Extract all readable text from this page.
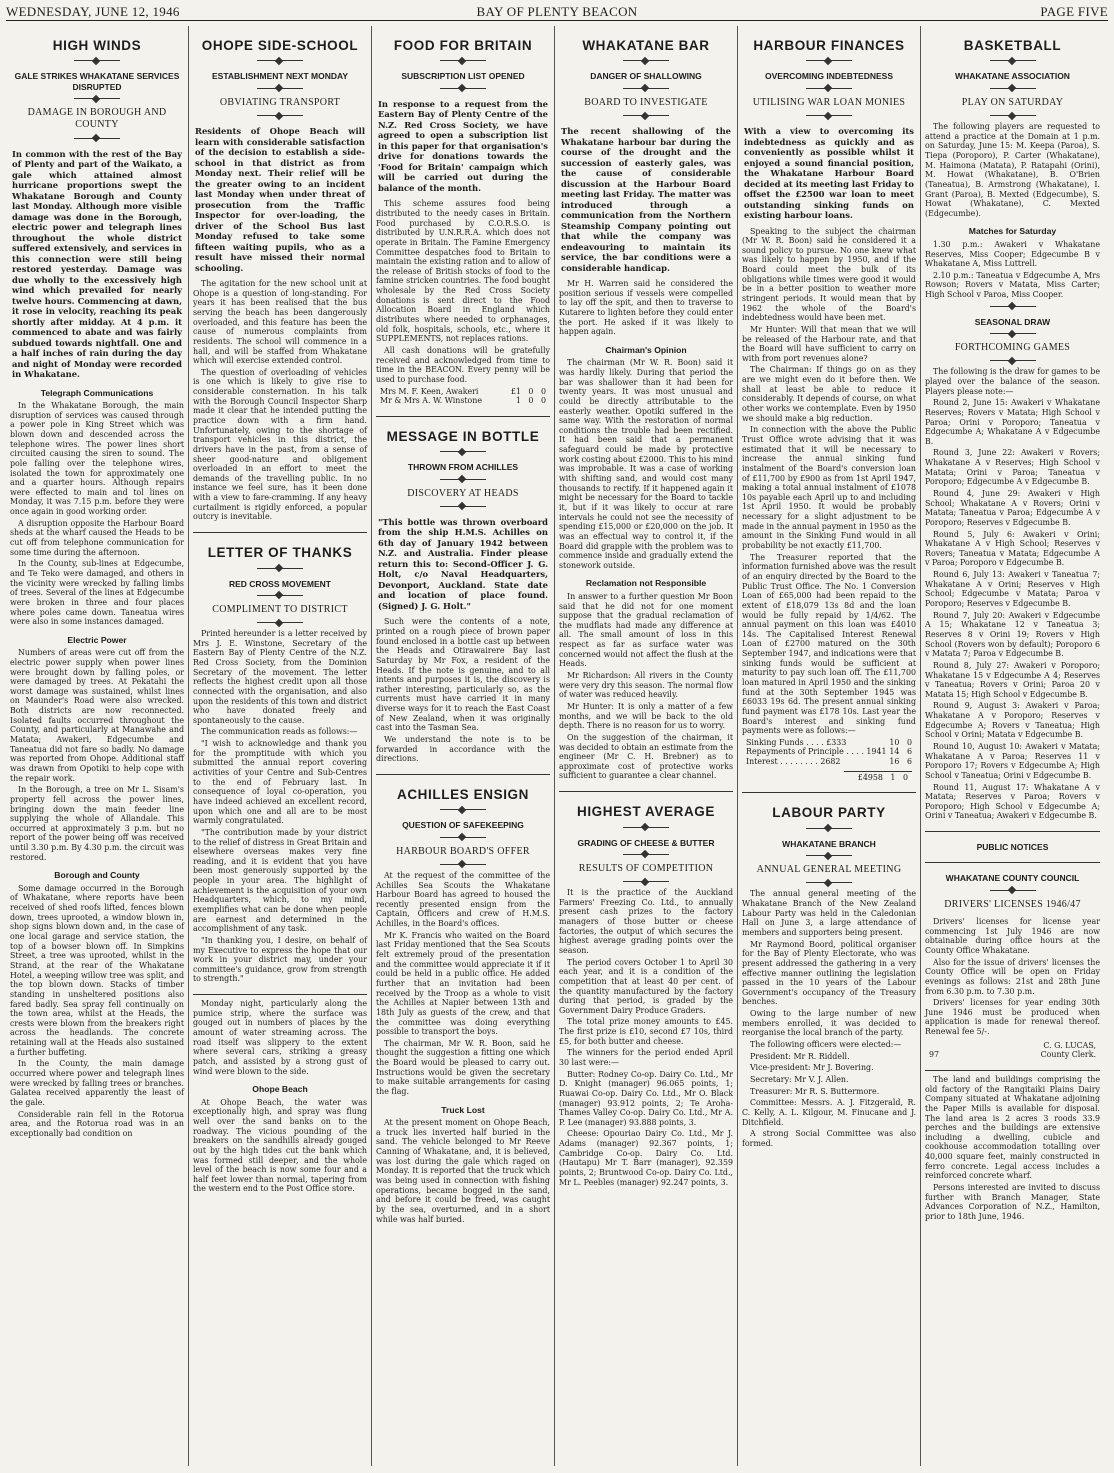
WEDNESDAY, JUNE 12, 1946	BAY OF PLENTY BEACON	PAGE FIVE
HIGH WINDS
GALE STRIKES WHAKATANE SERVICES DISRUPTED
DAMAGE IN BOROUGH AND COUNTY
In common with the rest of the Bay of Plenty and part of the Waikato, a gale which attained almost hurricane proportions swept the Whakatane Borough and County last Monday. Although more visible damage was done in the Borough, electric power and telegraph lines throughout the whole district suffered extensively, and services in this connection were still being restored yesterday. Damage was due wholly to the excessively high wind which prevailed for nearly twelve hours. Commencing at dawn, it rose in velocity, reaching its peak shortly after midday. At 4 p.m. it commenced to abate and was fairly subdued towards nightfall. One and a half inches of rain during the day and night of Monday were recorded in Whakatane.
Telegraph Communications

In the Whakatane Borough, the main disruption of services was caused through a power pole in King Street which was blown down and descended across the telephone wires. The power lines short circuited causing the siren to sound. The pole falling over the telephone wires, isolated the town for approximately one and a quarter hours. Although repairs were effected to main and tol lines on Monday, it was 7.15 p.m. before they were once again in good working order.

A disruption opposite the Harbour Board sheds at the wharf caused the Heads to be cut off from telephone communication for some time during the afternoon.

In the County, sub-lines at Edgecumbe, and Te Teko were damaged, and others in the vicinity were wrecked by falling limbs of trees. Several of the lines at Edgecumbe were broken in three and four places where poles came down. Taneatua wires were also in some instances damaged.

Electric Power

Numbers of areas were cut off from the electric power supply when power lines were brought down by falling poles, or were damaged by trees. At Pekatahi the worst damage was sustained, whilst lines on Maunder's Road were also wrecked. Both districts are now reconnected. Isolated faults occurred throughout the County, and particularly at Manawahe and Matata; Awakeri, Edgecumbe and Taneatua did not fare so badly. No damage was reported from Ohope. Additional staff was drawn from Opotiki to help cope with the repair work.

In the Borough, a tree on Mr L. Sisam's property fell across the power lines, bringing down the main feeder line supplying the whole of Allandale. This occurred at approximately 3 p.m. but no report of the power being off was received until 3.30 p.m. By 4.30 p.m. the circuit was restored.

Borough and County

Some damage occurred in the Borough of Whakatane, where reports have been received of shed roofs lifted, fences blown down, trees uprooted, a window blown in, shop signs blown down and, in the case of one local garage and service station, the top of a bowser blown off. In Simpkins Street, a tree was uprooted, whilst in the Strand, at the rear of the Whakatane Hotel, a weeping willow tree was split, and the top blown down. Stacks of timber standing in unsheltered positions also fared badly. Sea spray fell continually on the town area, whilst at the Heads, the crests were blown from the breakers right across the headlands. The concrete retaining wall at the Heads also sustained a further buffeting.

In the County, the main damage occurred where power and telegraph lines were wrecked by falling trees or branches. Galatea received apparently the least of the gale.

Considerable rain fell in the Rotorua area, and the Rotorua road was in an exceptionally bad condition on

OHOPE SIDE-SCHOOL
ESTABLISHMENT NEXT MONDAY
OBVIATING TRANSPORT
Residents of Ohope Beach will learn with considerable satisfaction of the decision to establish a side-school in that district as from Monday next. Their relief will be the greater owing to an incident last Monday when under threat of prosecution from the Traffic Inspector for over-loading, the driver of the School Bus last Monday refused to take some fifteen waiting pupils, who as a result have missed their normal schooling.

The agitation for the new school unit at Ohope is a question of long-standing. For years it has been realised that the bus serving the beach has been dangerously overloaded, and this feature has been the cause of numerous complaints from residents. The school will commence in a hall, and will be staffed from Whakatane which will exercise extended control.

The question of overloading of vehicles is one which is likely to give rise to considerable consternation. In his talk with the Borough Council Inspector Sharp made it clear that he intended putting the practice down with a firm hand. Unfortunately, owing to the shortage of transport vehicles in this district, the drivers have in the past, from a sense of sheer good-nature and obligement overloaded in an effort to meet the demands of the travelling public. In no instance we feel sure, has it been done with a view to fare-cramming. If any heavy curtailment is rigidly enforced, a popular outcry is inevitable.

LETTER OF THANKS
RED CROSS MOVEMENT
COMPLIMENT TO DISTRICT

Printed hereunder is a letter received by Mrs J. E. Winstone, Secretary of the Eastern Bay of Plenty Centre of the N.Z. Red Cross Society, from the Dominion Secretary of the movement. The letter reflects the highest credit upon all those connected with the organisation, and also upon the residents of this town and district who have donated freely and spontaneously to the cause.

The communication reads as follows:—

"I wish to acknowledge and thank you for the promptitude with which you submitted the annual report covering activities of your Centre and Sub-Centres to the end of February last. In consequence of loyal co-operation, you have indeed achieved an excellent record, upon which one and all are to be most warmly congratulated.

"The contribution made by your district to the relief of distress in Great Britain and elsewhere overseas makes very fine reading, and it is evident that you have been most generously supported by the people in your area. The highlight of achievement is the acquisition of your own Headquarters, which, to my mind, exemplifies what can be done when people are earnest and determined in the accomplishment of any task.

"In thanking you, I desire, on behalf of my Executive to express the hope that our work in your district may, under your committee's guidance, grow from strength to strength."

Monday night, particularly along the pumice strip, where the surface was gouged out in numbers of places by the amount of water streaming across. The road itself was slippery to the extent where several cars, striking a greasy patch, and assisted by a strong gust of wind were blown to the side.

Ohope Beach

At Ohope Beach, the water was exceptionally high, and spray was flung well over the sand banks on to the roadway. The vicious pounding of the breakers on the sandhills already gouged out by the high tides cut the bank which was formed still deeper, and the whole level of the beach is now some four and a half feet lower than normal, tapering from the western end to the Post Office store.

FOOD FOR BRITAIN
SUBSCRIPTION LIST OPENED
In response to a request from the Eastern Bay of Plenty Centre of the N.Z. Red Cross Society, we have agreed to open a subscription list in this paper for that organisation's drive for donations towards the 'Food for Britain' campaign which will be carried out during the balance of the month.

This scheme assures food being distributed to the needy cases in Britain. Food purchased by C.O.R.S.O. is distributed by U.N.R.R.A. which does not operate in Britain. The Famine Emergency Committee despatches food to Britain to maintain the existing ration and to allow of the release of British stocks of food to the famine stricken countries. The food bought wholesale by the Red Cross Society donations is sent direct to the Food Allocation Board in England which distributes where needed to orphanages, old folk, hospitals, schools, etc., where it SUPPLEMENTS, not replaces rations.

All cash donations will be gratefully received and acknowledged from time to time in the BEACON. Every penny will be used to purchase food.

Mrs M. F. Keen, Awakeri	£1   0   0
Mr & Mrs A. W. Winstone	1   0   0
MESSAGE IN BOTTLE
THROWN FROM ACHILLES
DISCOVERY AT HEADS
"This bottle was thrown overboard from the ship H.M.S. Achilles on 6th day of January 1942 between N.Z. and Australia. Finder please return this to: Second-Officer J. G. Holt, c/o Naval Headquarters, Devonport, Auckland. State date and location of place found. (Signed) J. G. Holt."

Such were the contents of a note, printed on a rough piece of brown paper found enclosed in a bottle cast up between the Heads and Otirawairere Bay last Saturday by Mr Fox, a resident of the Heads. If the note is genuine, and to all intents and purposes it is, the discovery is rather interesting, particularly so, as the currents must have carried it in many diverse ways for it to reach the East Coast of New Zealand, when it was originally cast into the Tasman Sea.

We understand the note is to be forwarded in accordance with the directions.

ACHILLES ENSIGN
QUESTION OF SAFEKEEPING
HARBOUR BOARD'S OFFER

At the request of the committee of the Achilles Sea Scouts the Whakatane Harbour Board has agreed to housed the recently presented ensign from the Captain, Officers and crew of H.M.S. Achilles, in the Board's offices.

Mr K. Francis who waited on the Board last Friday mentioned that the Sea Scouts felt extremely proud of the presentation and the committee would appreciate it if it could be held in a public office. He added further that an invitation had been received by the Troop as a whole to visit the Achilles at Napier between 13th and 18th July as guests of the crew, and that the committee was doing everything possible to transport the boys.

The chairman, Mr W. R. Boon, said he thought the suggestion a fitting one which the Board would be pleased to carry out. Instructions would be given the secretary to make suitable arrangements for casing the flag.

Truck Lost

At the present moment on Ohope Beach, a truck lies inverted half buried in the sand. The vehicle belonged to Mr Reeve Canning of Whakatane, and, it is believed, was lost during the gale which raged on Monday. It is reported that the truck which was being used in connection with fishing operations, became bogged in the sand, and before it could be freed, was caught by the sea, overturned, and in a short while was half buried.

WHAKATANE BAR
DANGER OF SHALLOWING
BOARD TO INVESTIGATE
The recent shallowing of the Whakatane harbour bar during the course of the drought and the succession of easterly gales, was the cause of considerable discussion at the Harbour Board meeting last Friday. The matter was introduced through a communication from the Northern Steamship Company pointing out that while the company was endeavouring to maintain its service, the bar conditions were a considerable handicap.

Mr H. Warren said he considered the position serious if vessels were compelled to lay off the spit, and then to traverse to Kutarere to lighten before they could enter the port. He asked if it was likely to happen again.

Chairman's Opinion

The chairman (Mr W. R. Boon) said it was hardly likely. During that period the bar was shallower than it had been for twenty years. It was most unusual and could be directly attributable to the easterly weather. Opotiki suffered in the same way. With the restoration of normal conditions the trouble had been rectified. It had been said that a permanent safeguard could be made by protective work costing about £2000. This to his mind was improbable. It was a case of working with shifting sand, and would cost many thousands to rectify. If it happened again it might be necessary for the Board to tackle it, but if it was likely to occur at rare intervals he could not see the necessity of spending £15,000 or £20,000 on the job. It was an effectual way to control it, if the Board did grapple with the problem was to commence inside and gradually extend the stonework outside.

Reclamation not Responsible

In answer to a further question Mr Boon said that he did not for one moment suppose that the gradual reclamation of the mudflats had made any difference at all. The small amount of loss in this respect as far as surface water was concerned would not affect the flush at the Heads.

Mr Richardson: All rivers in the County were very dry this season. The normal flow of water was reduced heavily.

Mr Hunter: It is only a matter of a few months, and we will be back to the old depth. There is no reason for us to worry.

On the suggestion of the chairman, it was decided to obtain an estimate from the engineer (Mr C. H. Brebner) as to approximate cost of protective works sufficient to guarantee a clear channel.

HIGHEST AVERAGE
GRADING OF CHEESE & BUTTER
RESULTS OF COMPETITION

It is the practice of the Auckland Farmers' Freezing Co. Ltd., to annually present cash prizes to the factory managers of those butter or cheese factories, the output of which secures the highest average grading points over the season.

The period covers October 1 to April 30 each year, and it is a condition of the competition that at least 40 per cent. of the quantity manufactured by the factory during that period, is graded by the Government Dairy Produce Graders.

The total prize money amounts to £45. The first prize is £10, second £7 10s, third £5, for both butter and cheese.

The winners for the period ended April 30 last were:—

Butter: Rodney Co-op. Dairy Co. Ltd., Mr D. Knight (manager) 96.065 points, 1; Ruawai Co-op. Dairy Co. Ltd., Mr O. Black (manager) 93.912 points, 2; Te Aroha-Thames Valley Co-op. Dairy Co. Ltd., Mr A. P. Lee (manager) 93.888 points, 3.

Cheese: Opouriao Dairy Co. Ltd., Mr J. Adams (manager) 92.367 points, 1; Cambridge Co-op. Dairy Co. Ltd. (Hautapu) Mr T. Barr (manager), 92.359 points, 2; Bruntwood Co-op. Dairy Co. Ltd., Mr L. Peebles (manager) 92.247 points, 3.

HARBOUR FINANCES
OVERCOMING INDEBTEDNESS
UTILISING WAR LOAN MONIES
With a view to overcoming its indebtedness as quickly and as conveniently as possible whilst it enjoyed a sound financial position, the Whakatane Harbour Board decided at its meeting last Friday to offset the £2500 war loan to meet outstanding sinking funds on existing harbour loans.

Speaking to the subject the chairman (Mr W. R. Boon) said he considered it a sound policy to pursue. No one knew what was likely to happen by 1950, and if the Board could meet the bulk of its obligations while times were good it would be in a better position to weather more stringent periods. It would mean that by 1962 the whole of the Board's indebtedness would have been met.

Mr Hunter: Will that mean that we will be released of the Harbour rate, and that the Board will have sufficient to carry on with from port revenues alone?

The Chairman: If things go on as they are we might even do it before then. We shall at least be able to reduce it considerably. It depends of course, on what other works we contemplate. Even by 1950 we should make a big reduction.

In connection with the above the Public Trust Office wrote advising that it was estimated that it will be necessary to increase the annual sinking fund instalment of the Board's conversion loan of £11,700 by £900 as from 1st April 1947, making a total annual instalment of £1078 10s payable each April up to and including 1st April 1950. It would be probably necessary for a slight adjustment to be made in the annual payment in 1950 as the amount in the Sinking Fund would in all probability be not exactly £11,700.

The Treasurer reported that the information furnished above was the result of an enquiry directed by the Board to the Public Trust Office. The No. 1 Conversion Loan of £65,000 had been repaid to the extent of £18,079 13s 8d and the loan would be fully repaid by 1/4/62. The annual payment on this loan was £4010 14s. The Capitalised Interest Renewal Loan of £2700 matured on the 30th September 1947, and indications were that sinking funds would be sufficient at maturity to pay such loan off. The £11,700 loan matured in April 1950 and the sinking fund at the 30th September 1945 was £6033 19s 6d. The present annual sinking fund payment was £178 10s. Last year the Board's interest and sinking fund payments were as follows:—

Sinking Funds . . . . £333	10   0
Repayments of Principle . . . . 1941 14   6
Interest . . . . . . . . 2682	16   6
£4958   1   0
LABOUR PARTY
WHAKATANE BRANCH
ANNUAL GENERAL MEETING

The annual general meeting of the Whakatane Branch of the New Zealand Labour Party was held in the Caledonian Hall on June 3, a large attendance of members and supporters being present.

Mr Raymond Boord, political organiser for the Bay of Plenty Electorate, who was present addressed the gathering in a very effective manner outlining the legislation passed in the 10 years of the Labour Government's occupancy of the Treasury benches.

Owing to the large number of new members enrolled, it was decided to reorganise the local branch of the party.

The following officers were elected:—

President: Mr R. Riddell.

Vice-president: Mr J. Bovering.

Secretary: Mr V. J. Allen.

Treasurer: Mr R. S. Buttermore.

Committee: Messrs. A. J. Fitzgerald, R. C. Kelly, A. L. Kilgour, M. Finucane and J. Ditchfield.

A strong Social Committee was also formed.

BASKETBALL
WHAKATANE ASSOCIATION
PLAY ON SATURDAY

The following players are requested to attend a practice at the Domain at 1 p.m. on Saturday, June 15: M. Keepa (Paroa), S. Tiepa (Poroporo), P. Carter (Whakatane), M. Haimona (Matata), P. Ratapahi (Orini), M. Howat (Whakatane), B. O'Brien (Taneatua), B. Armstrong (Whakatane), I. Grant (Paroa), B. Mexted (Edgecumbe), S. Howat (Whakatane), C. Mexted (Edgecumbe).

Matches for Saturday

1.30 p.m.: Awakeri v Whakatane Reserves, Miss Cooper; Edgecumbe B v Whakatane A, Miss Luttrell.

2.10 p.m.: Taneatua v Edgecumbe A, Mrs Rowson; Rovers v Matata, Miss Carter; High School v Paroa, Miss Cooper.

SEASONAL DRAW
FORTHCOMING GAMES

The following is the draw for games to be played over the balance of the season. Players please note:—

Round 2, June 15: Awakeri v Whakatane Reserves; Rovers v Matata; High School v Paroa; Orini v Poroporo; Taneatua v Edgecumbe A; Whakatane A v Edgecumbe B.

Round 3, June 22: Awakeri v Rovers; Whakatane A v Reserves; High School v Matata; Orini v Paroa; Taneatua v Poroporo; Edgecumbe A v Edgecumbe B.

Round 4, June 29: Awakeri v High School; Whakatane A v Rovers; Orini v Matata; Taneatua v Paroa; Edgecumbe A v Poroporo; Reserves v Edgecumbe B.

Round 5, July 6: Awakeri v Orini; Whakatane A v High School; Reserves v Rovers; Taneatua v Matata; Edgecumbe A v Paroa; Poroporo v Edgecumbe B.

Round 6, July 13: Awakeri v Taneatua 7; Whakatane A v Orini; Reserves v High School; Edgecumbe v Matata; Paroa v Poroporo; Reserves v Edgecumbe B.

Round 7, July 20: Awakeri v Edgecumbe A 15; Whakatane 12 v Taneatua 3; Reserves 8 v Orini 19; Rovers v High School (Rovers won by default); Poroporo 6 v Matata 7; Paroa v Edgecumbe B.

Round 8, July 27: Awakeri v Poroporo; Whakatane 15 v Edgecumbe A 4; Reserves v Taneatua; Rovers v Orini; Paroa 20 v Matata 15; High School v Edgecumbe B.

Round 9, August 3: Awakeri v Paroa; Whakatane A v Poroporo; Reserves v Edgecumbe A; Rovers v Taneatua; High School v Orini; Matata v Edgecumbe B.

Round 10, August 10: Awakeri v Matata; Whakatane A v Paroa; Reserves 11 v Poroporo 17; Rovers v Edgecumbe A; High School v Taneatua; Orini v Edgecumbe B.

Round 11, August 17: Whakatane A v Matata; Reserves v Paroa; Rovers v Poroporo; High School v Edgecumbe A; Orini v Taneatua; Awakeri v Edgecumbe B.

PUBLIC NOTICES
WHAKATANE COUNTY COUNCIL
DRIVERS' LICENSES 1946/47

Drivers' licenses for license year commencing 1st July 1946 are now obtainable during office hours at the County Office Whakatane.

Also for the issue of drivers' licenses the County Office will be open on Friday evenings as follows: 21st and 28th June from 6.30 p.m. to 7.30 p.m.

Drivers' licenses for year ending 30th June 1946 must be produced when application is made for renewal thereof. Renewal fee 5/-.

C. G. LUCAS,
97	County Clerk.

The land and buildings comprising the old factory of the Rangitaiki Plains Dairy Company situated at Whakatane adjoining the Paper Mills is available for disposal. The land area is 2 acres 3 roods 33.9 perches and the buildings are extensive including a dwelling, cubicle and cookhouse accommodation totalling over 40,000 square feet, mainly constructed in ferro concrete. Legal access includes a reinforced concrete wharf.

Persons interested are invited to discuss further with Branch Manager, State Advances Corporation of N.Z., Hamilton, prior to 18th June, 1946.
